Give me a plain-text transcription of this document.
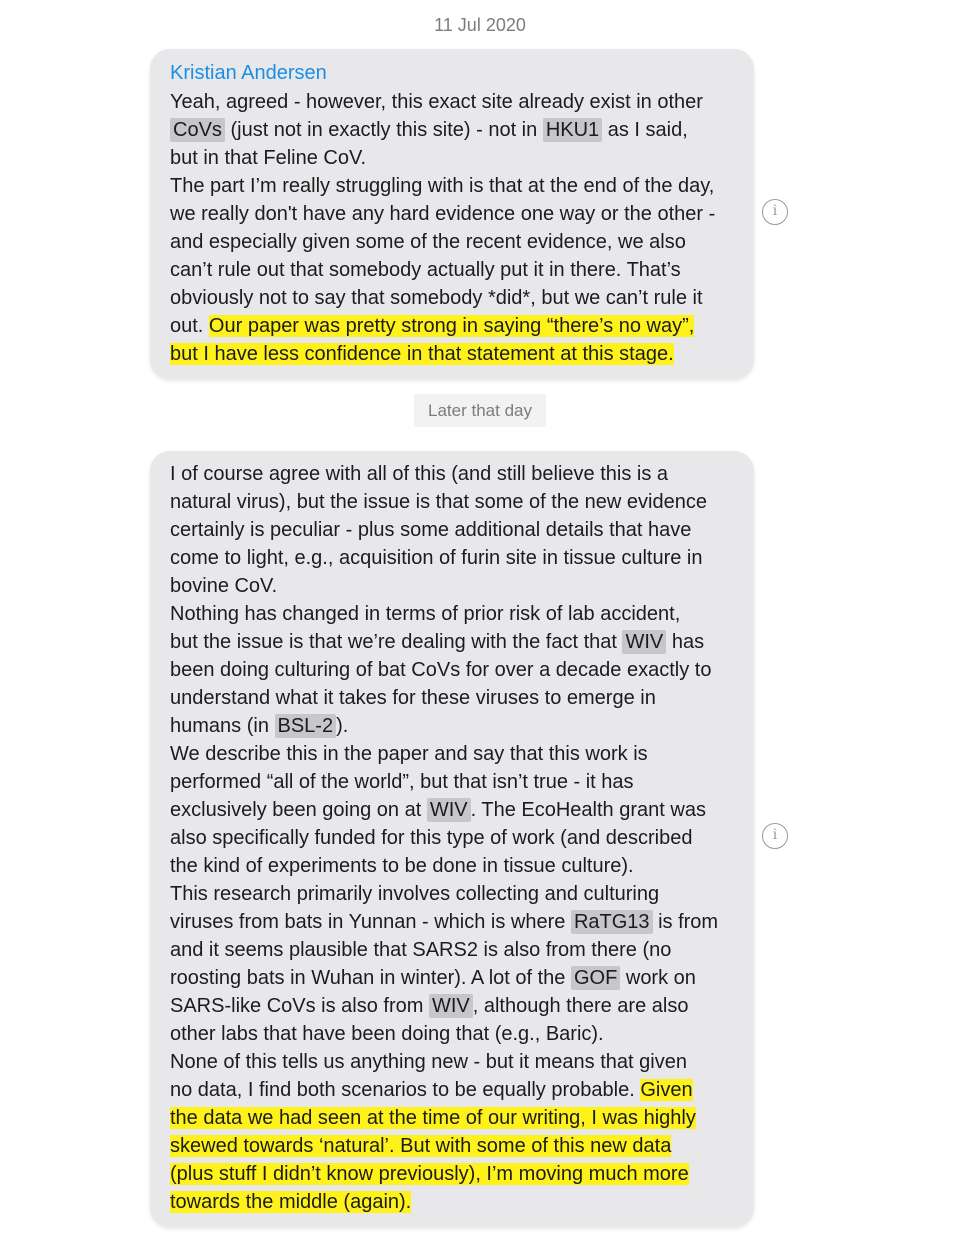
11 Jul 2020
Kristian Andersen
Yeah, agreed - however, this exact site already exist in other
CoVs (just not in exactly this site) - not in HKU1 as I said,
but in that Feline CoV.
The part I’m really struggling with is that at the end of the day,
we really don't have any hard evidence one way or the other -
and especially given some of the recent evidence, we also
can’t rule out that somebody actually put it in there. That’s
obviously not to say that somebody *did*, but we can’t rule it
out. Our paper was pretty strong in saying “there’s no way”,
but I have less confidence in that statement at this stage.
i
Later that day
I of course agree with all of this (and still believe this is a
natural virus), but the issue is that some of the new evidence
certainly is peculiar - plus some additional details that have
come to light, e.g., acquisition of furin site in tissue culture in
bovine CoV.
Nothing has changed in terms of prior risk of lab accident,
but the issue is that we’re dealing with the fact that WIV has
been doing culturing of bat CoVs for over a decade exactly to
understand what it takes for these viruses to emerge in
humans (in BSL-2 ).
We describe this in the paper and say that this work is
performed “all of the world”, but that isn’t true - it has
exclusively been going on at WIV . The EcoHealth grant was
also specifically funded for this type of work (and described
the kind of experiments to be done in tissue culture).
This research primarily involves collecting and culturing
viruses from bats in Yunnan - which is where RaTG13 is from
and it seems plausible that SARS2 is also from there (no
roosting bats in Wuhan in winter). A lot of the GOF work on
SARS-like CoVs is also from WIV , although there are also
other labs that have been doing that (e.g., Baric).
None of this tells us anything new - but it means that given
no data, I find both scenarios to be equally probable. Given
the data we had seen at the time of our writing, I was highly
skewed towards ‘natural’. But with some of this new data
(plus stuff I didn’t know previously), I’m moving much more
towards the middle (again).
i
